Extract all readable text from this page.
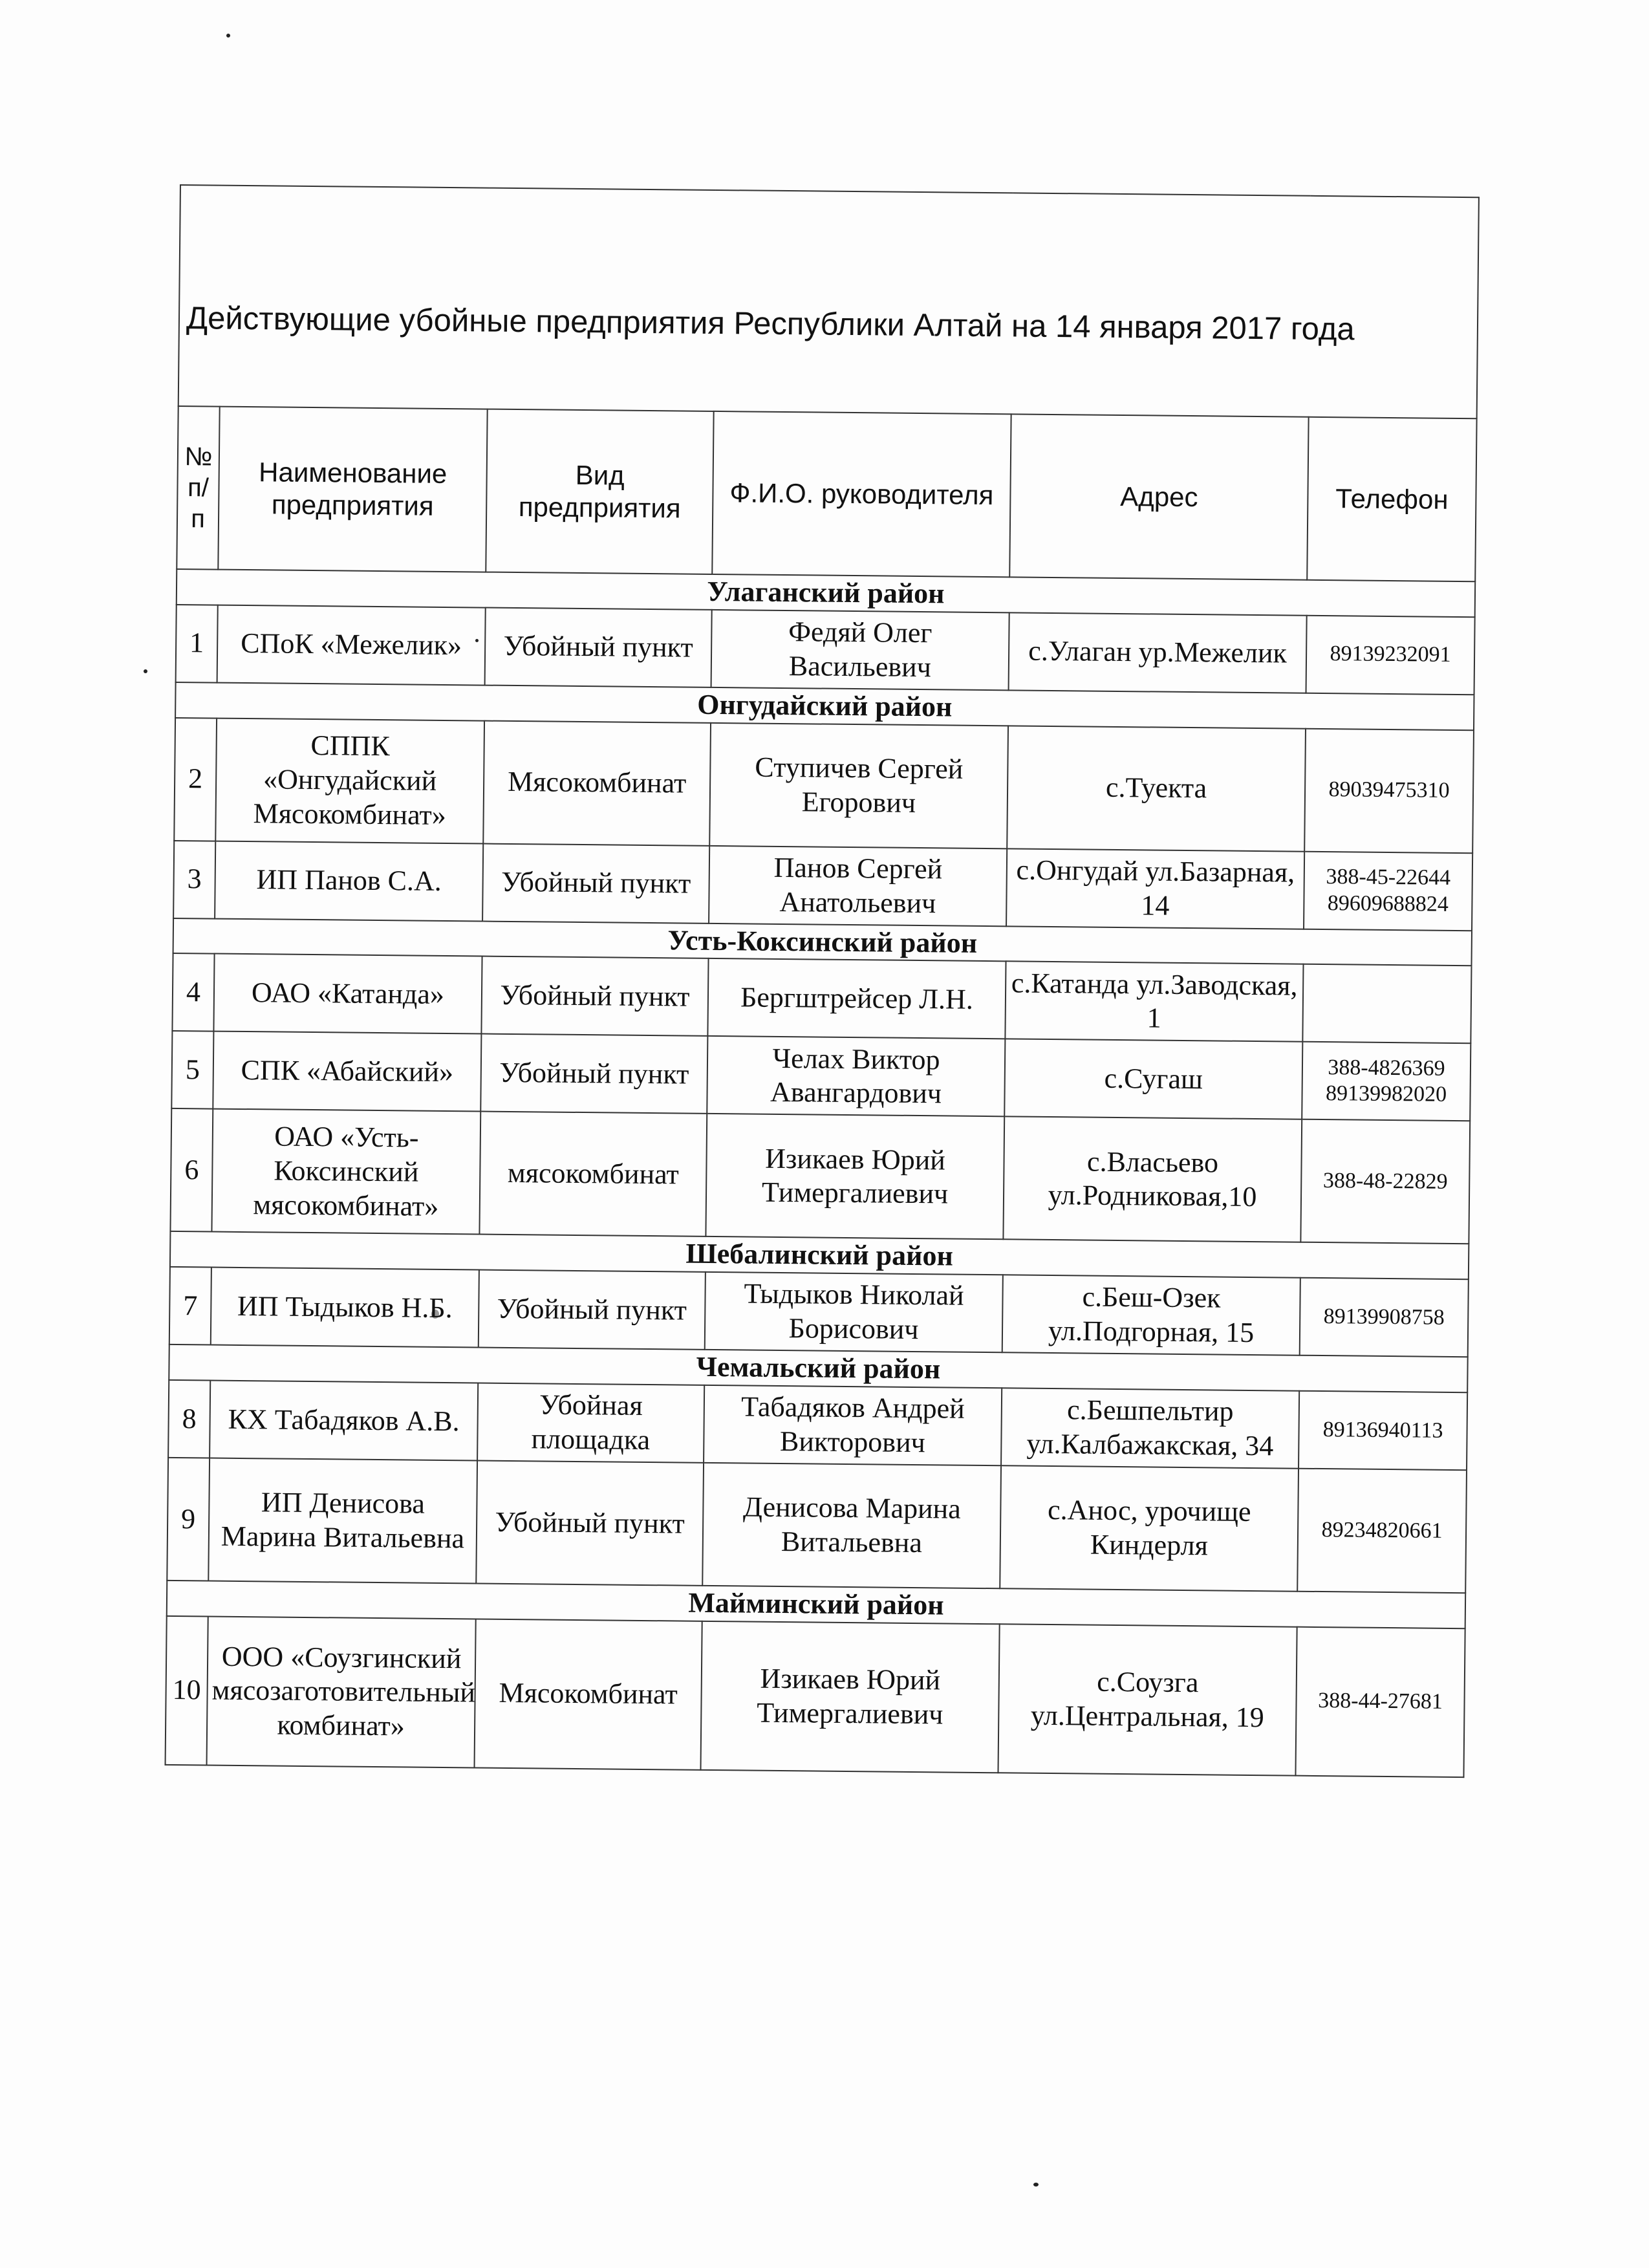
Действующие убойные предприятия Республики Алтай на 14 января 2017 года					
№ п/п	Наименование предприятия	Вид предприятия	Ф.И.О. руководителя	Адрес	Телефон
Улаганский район					
1	СПоК «Межелик»	Убойный пункт	Федяй Олег Васильевич	с.Улаган ур.Межелик	89139232091
Онгудайский район					
2	СППК «Онгудайский Мясокомбинат»	Мясокомбинат	Ступичев Сергей Егорович	с.Туекта	89039475310
3	ИП Панов С.А.	Убойный пункт	Панов Сергей Анатольевич	с.Онгудай ул.Базарная, 14	388-45-22644 89609688824
Усть-Коксинский район					
4	ОАО «Катанда»	Убойный пункт	Бергштрейсер Л.Н.	с.Катанда ул.Заводская, 1	
5	СПК «Абайский»	Убойный пункт	Челах Виктор Авангардович	с.Сугаш	388-4826369 89139982020
6	ОАО «Усть-Коксинский мясокомбинат»	мясокомбинат	Изикаев Юрий Тимергалиевич	с.Власьево ул.Родниковая,10	388-48-22829
Шебалинский район					
7	ИП Тыдыков Н.Б.	Убойный пункт	Тыдыков Николай Борисович	с.Беш-Озек ул.Подгорная, 15	89139908758
Чемальский район					
8	КХ Табадяков А.В.	Убойная площадка	Табадяков Андрей Викторович	с.Бешпельтир ул.Калбажакская, 34	89136940113
9	ИП Денисова Марина Витальевна	Убойный пункт	Денисова Марина Витальевна	с.Анос, урочище Киндерля	89234820661
Майминский район					
10	ООО «Соузгинский мясозаготовительный комбинат»	Мясокомбинат	Изикаев Юрий Тимергалиевич	с.Соузга ул.Центральная, 19	388-44-27681
